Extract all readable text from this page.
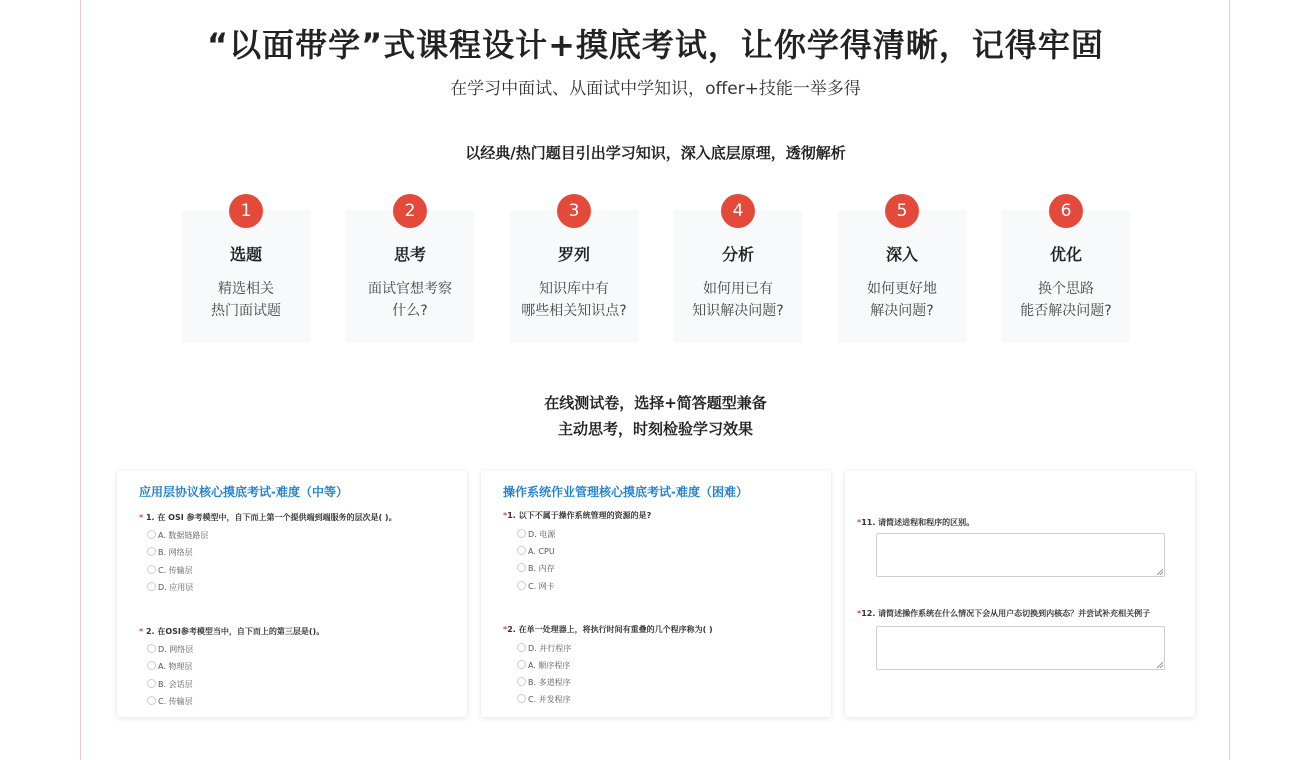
“以面带学”式课程设计+摸底考试，让你学得清晰，记得牢固
在学习中面试、从面试中学知识，offer+技能一举多得
以经典/热门题目引出学习知识，深入底层原理，透彻解析
1
选题
精选相关
热门面试题
2
思考
面试官想考察
什么?
3
罗列
知识库中有
哪些相关知识点?
4
分析
如何用已有
知识解决问题?
5
深入
如何更好地
解决问题?
6
优化
换个思路
能否解决问题?
在线测试卷，选择+简答题型兼备
主动思考，时刻检验学习效果
应用层协议核心摸底考试-难度（中等）
* 1. 在 OSI 参考模型中，自下而上第一个提供端到端服务的层次是( )。
A. 数据链路层
B. 网络层
C. 传输层
D. 应用层
* 2. 在OSI参考模型当中，自下而上的第三层是()。
D. 网络层
A. 物理层
B. 会话层
C. 传输层
操作系统作业管理核心摸底考试-难度（困难）
*1. 以下不属于操作系统管理的资源的是?
D. 电源
A. CPU
B. 内存
C. 网卡
*2. 在单一处理器上，将执行时间有重叠的几个程序称为( )
D. 并行程序
A. 顺序程序
B. 多道程序
C. 并发程序
*11. 请简述进程和程序的区别。
*12. 请简述操作系统在什么情况下会从用户态切换到内核态？并尝试补充相关例子
